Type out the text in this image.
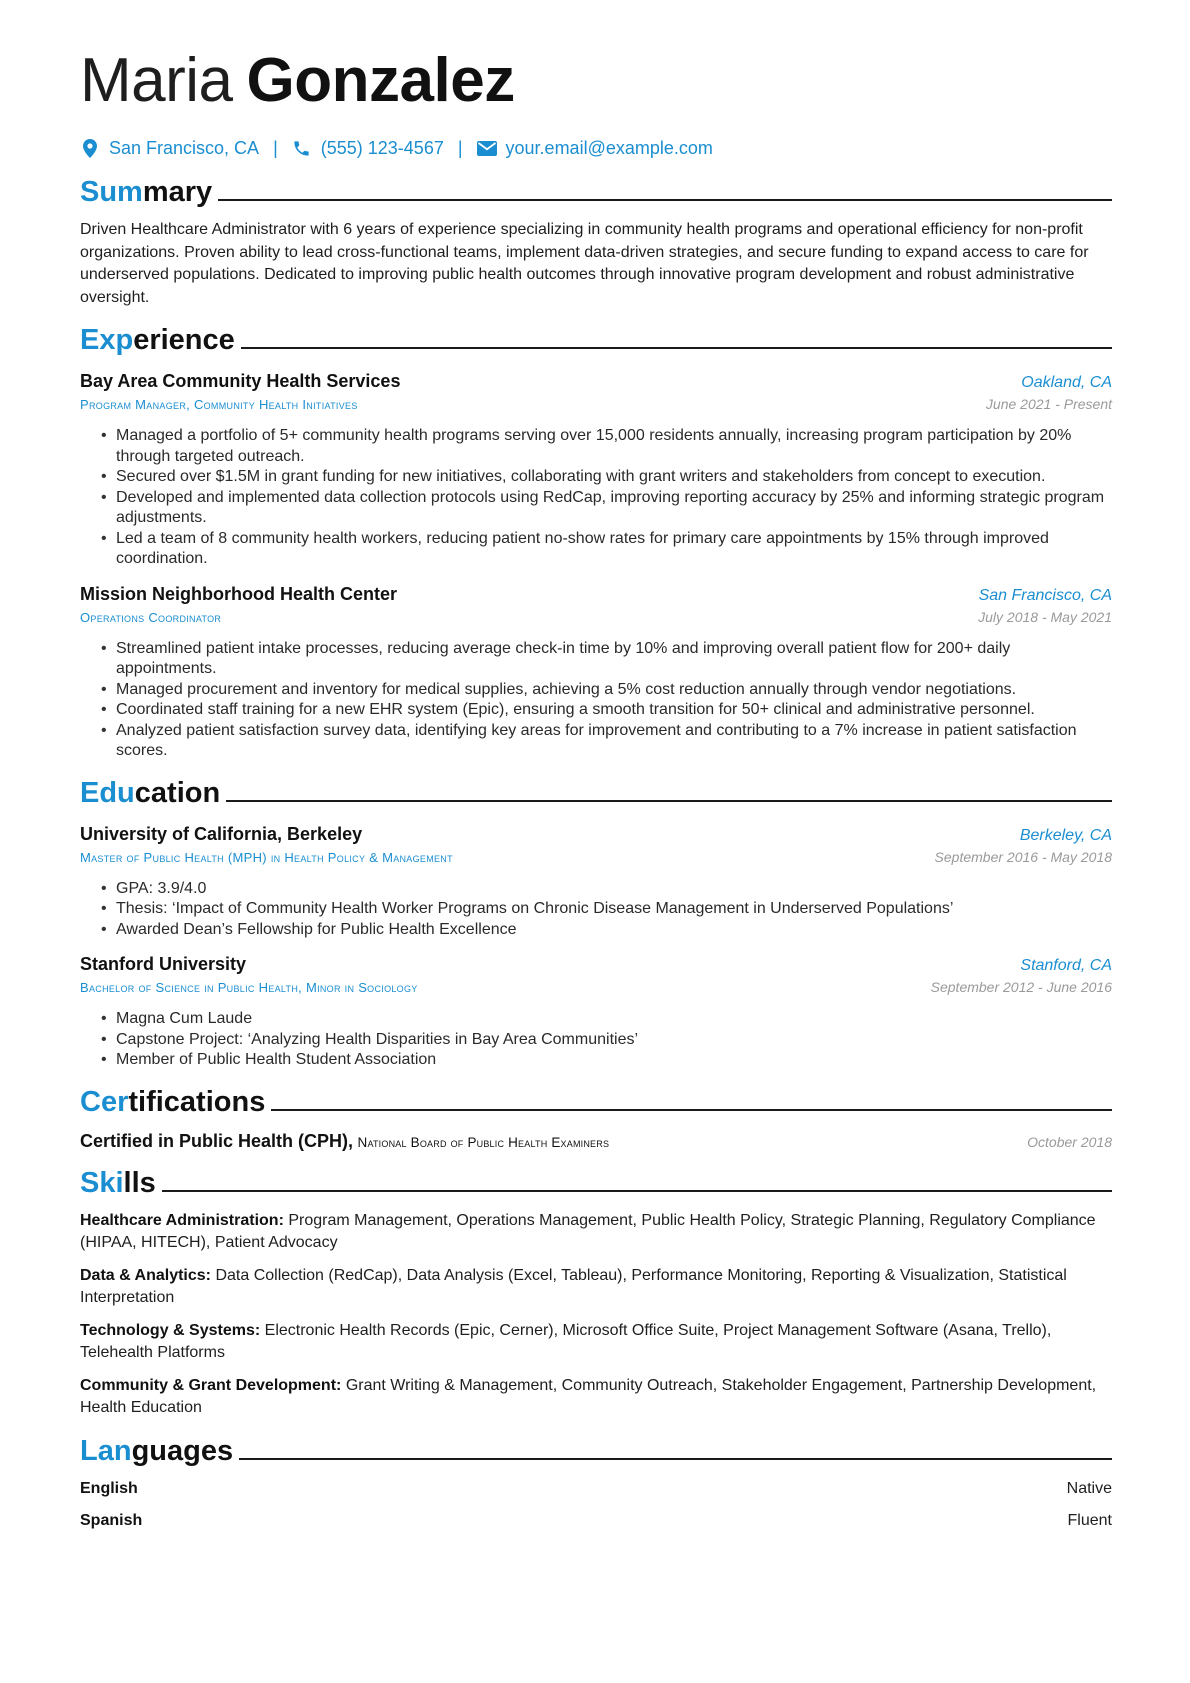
Maria Gonzalez
San Francisco, CA | (555) 123-4567 | your.email@example.com
Summary
Driven Healthcare Administrator with 6 years of experience specializing in community health programs and operational efficiency for non-profit organizations. Proven ability to lead cross-functional teams, implement data-driven strategies, and secure funding to expand access to care for underserved populations. Dedicated to improving public health outcomes through innovative program development and robust administrative oversight.
Experience
Bay Area Community Health Services	Oakland, CA
Program Manager, Community Health Initiatives	June 2021 - Present
• Managed a portfolio of 5+ community health programs serving over 15,000 residents annually, increasing program participation by 20% through targeted outreach.
• Secured over $1.5M in grant funding for new initiatives, collaborating with grant writers and stakeholders from concept to execution.
• Developed and implemented data collection protocols using RedCap, improving reporting accuracy by 25% and informing strategic program adjustments.
• Led a team of 8 community health workers, reducing patient no-show rates for primary care appointments by 15% through improved coordination.
Mission Neighborhood Health Center	San Francisco, CA
Operations Coordinator	July 2018 - May 2021
• Streamlined patient intake processes, reducing average check-in time by 10% and improving overall patient flow for 200+ daily appointments.
• Managed procurement and inventory for medical supplies, achieving a 5% cost reduction annually through vendor negotiations.
• Coordinated staff training for a new EHR system (Epic), ensuring a smooth transition for 50+ clinical and administrative personnel.
• Analyzed patient satisfaction survey data, identifying key areas for improvement and contributing to a 7% increase in patient satisfaction scores.
Education
University of California, Berkeley	Berkeley, CA
Master of Public Health (MPH) in Health Policy & Management	September 2016 - May 2018
• GPA: 3.9/4.0
• Thesis: ‘Impact of Community Health Worker Programs on Chronic Disease Management in Underserved Populations’
• Awarded Dean’s Fellowship for Public Health Excellence
Stanford University	Stanford, CA
Bachelor of Science in Public Health, Minor in Sociology	September 2012 - June 2016
• Magna Cum Laude
• Capstone Project: ‘Analyzing Health Disparities in Bay Area Communities’
• Member of Public Health Student Association
Certifications
Certified in Public Health (CPH), National Board of Public Health Examiners	October 2018
Skills
Healthcare Administration: Program Management, Operations Management, Public Health Policy, Strategic Planning, Regulatory Compliance (HIPAA, HITECH), Patient Advocacy
Data & Analytics: Data Collection (RedCap), Data Analysis (Excel, Tableau), Performance Monitoring, Reporting & Visualization, Statistical Interpretation
Technology & Systems: Electronic Health Records (Epic, Cerner), Microsoft Office Suite, Project Management Software (Asana, Trello), Telehealth Platforms
Community & Grant Development: Grant Writing & Management, Community Outreach, Stakeholder Engagement, Partnership Development, Health Education
Languages
English	Native
Spanish	Fluent
